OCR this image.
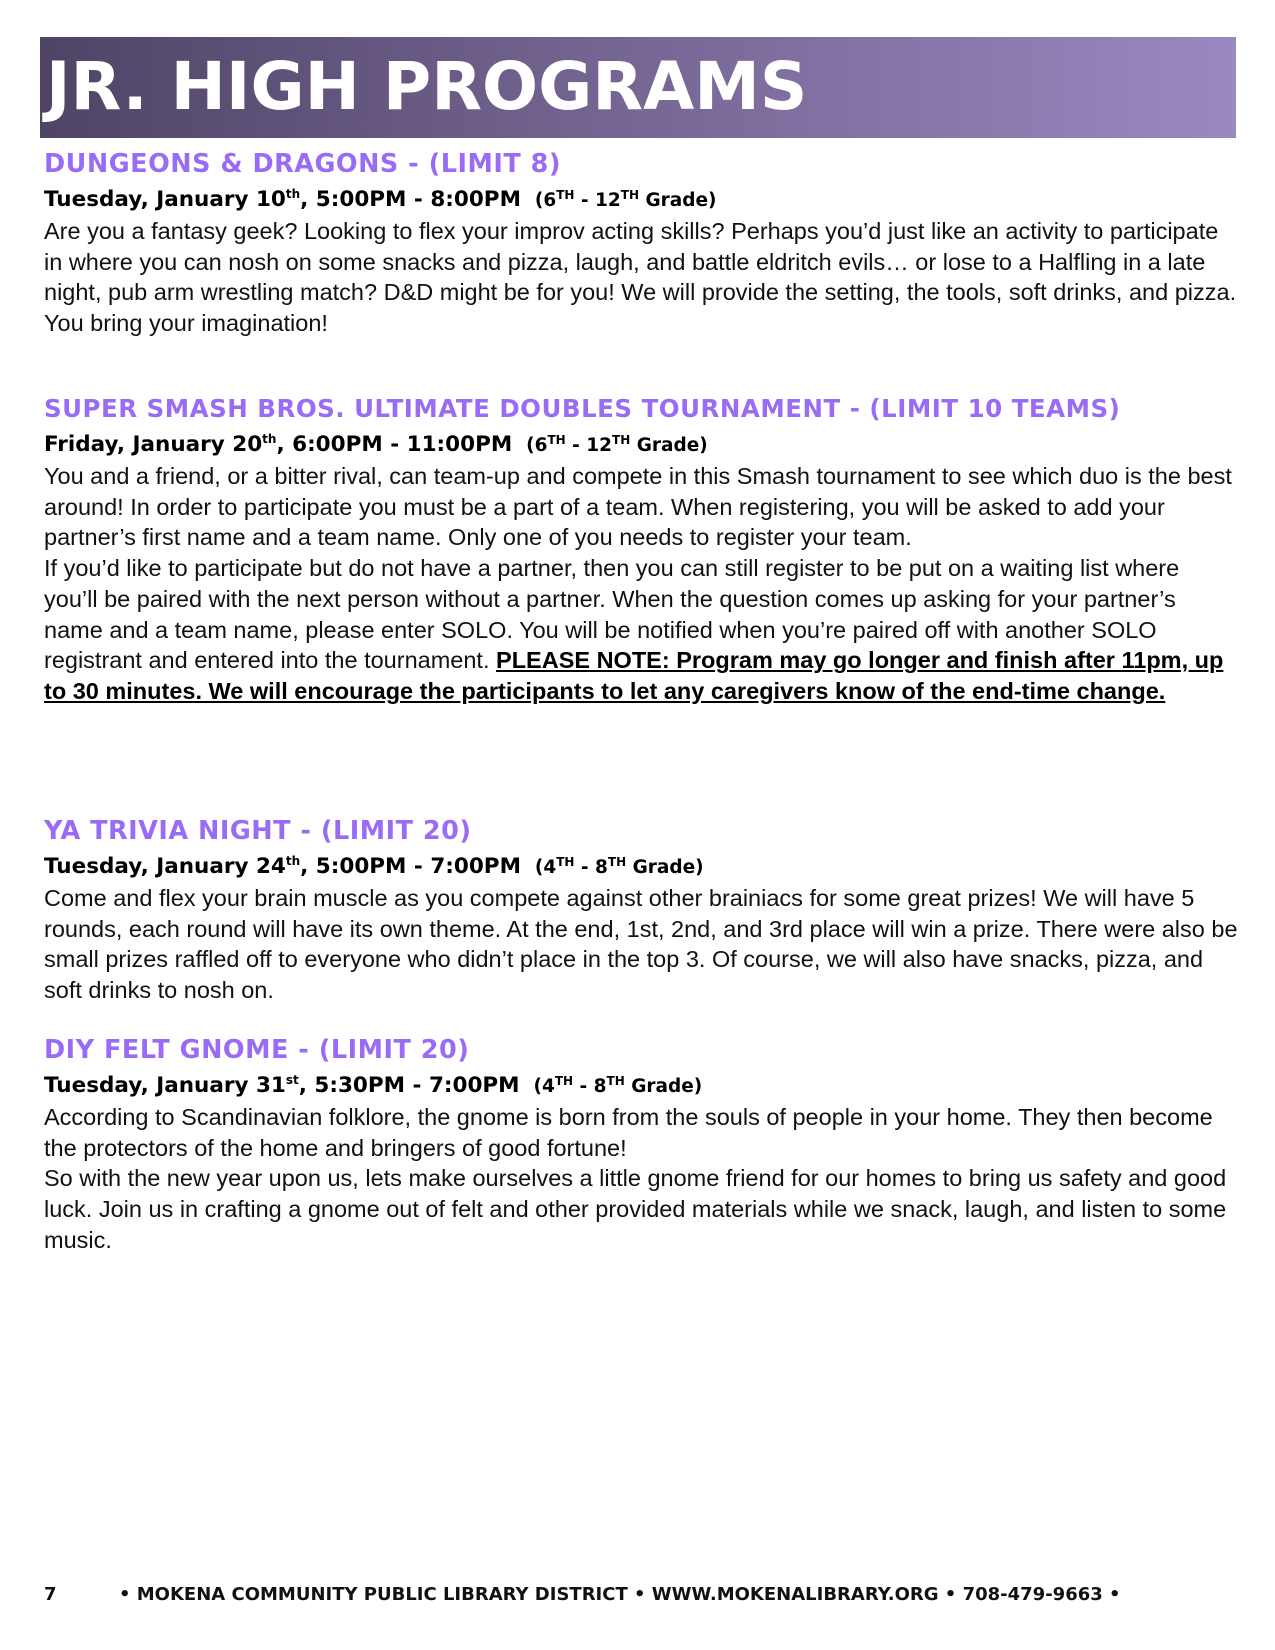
JR. HIGH PROGRAMS
DUNGEONS & DRAGONS - (LIMIT 8)
Tuesday, January 10th, 5:00PM - 8:00PM (6TH - 12TH Grade)

Are you a fantasy geek? Looking to flex your improv acting skills? Perhaps you’d just like an activity to participate in where you can nosh on some snacks and pizza, laugh, and battle eldritch evils… or lose to a Halfling in a late night, pub arm wrestling match? D&D might be for you! We will provide the setting, the tools, soft drinks, and pizza. You bring your imagination!

SUPER SMASH BROS. ULTIMATE DOUBLES TOURNAMENT - (LIMIT 10 TEAMS)
Friday, January 20th, 6:00PM - 11:00PM (6TH - 12TH Grade)

You and a friend, or a bitter rival, can team-up and compete in this Smash tournament to see which duo is the best around! In order to participate you must be a part of a team. When registering, you will be asked to add your partner’s first name and a team name. Only one of you needs to register your team.

If you’d like to participate but do not have a partner, then you can still register to be put on a waiting list where you’ll be paired with the next person without a partner. When the question comes up asking for your partner’s name and a team name, please enter SOLO. You will be notified when you’re paired off with another SOLO registrant and entered into the tournament. PLEASE NOTE: Program may go longer and finish after 11pm, up to 30 minutes. We will encourage the participants to let any caregivers know of the end-time change.

YA TRIVIA NIGHT - (LIMIT 20)
Tuesday, January 24th, 5:00PM - 7:00PM (4TH - 8TH Grade)

Come and flex your brain muscle as you compete against other brainiacs for some great prizes! We will have 5 rounds, each round will have its own theme. At the end, 1st, 2nd, and 3rd place will win a prize. There were also be small prizes raffled off to everyone who didn’t place in the top 3. Of course, we will also have snacks, pizza, and soft drinks to nosh on.

DIY FELT GNOME - (LIMIT 20)
Tuesday, January 31st, 5:30PM - 7:00PM (4TH - 8TH Grade)

According to Scandinavian folklore, the gnome is born from the souls of people in your home. They then become the protectors of the home and bringers of good fortune!

So with the new year upon us, lets make ourselves a little gnome friend for our homes to bring us safety and good luck. Join us in crafting a gnome out of felt and other provided materials while we snack, laugh, and listen to some music.

7	• MOKENA COMMUNITY PUBLIC LIBRARY DISTRICT • WWW.MOKENALIBRARY.ORG • 708-479-9663 •
